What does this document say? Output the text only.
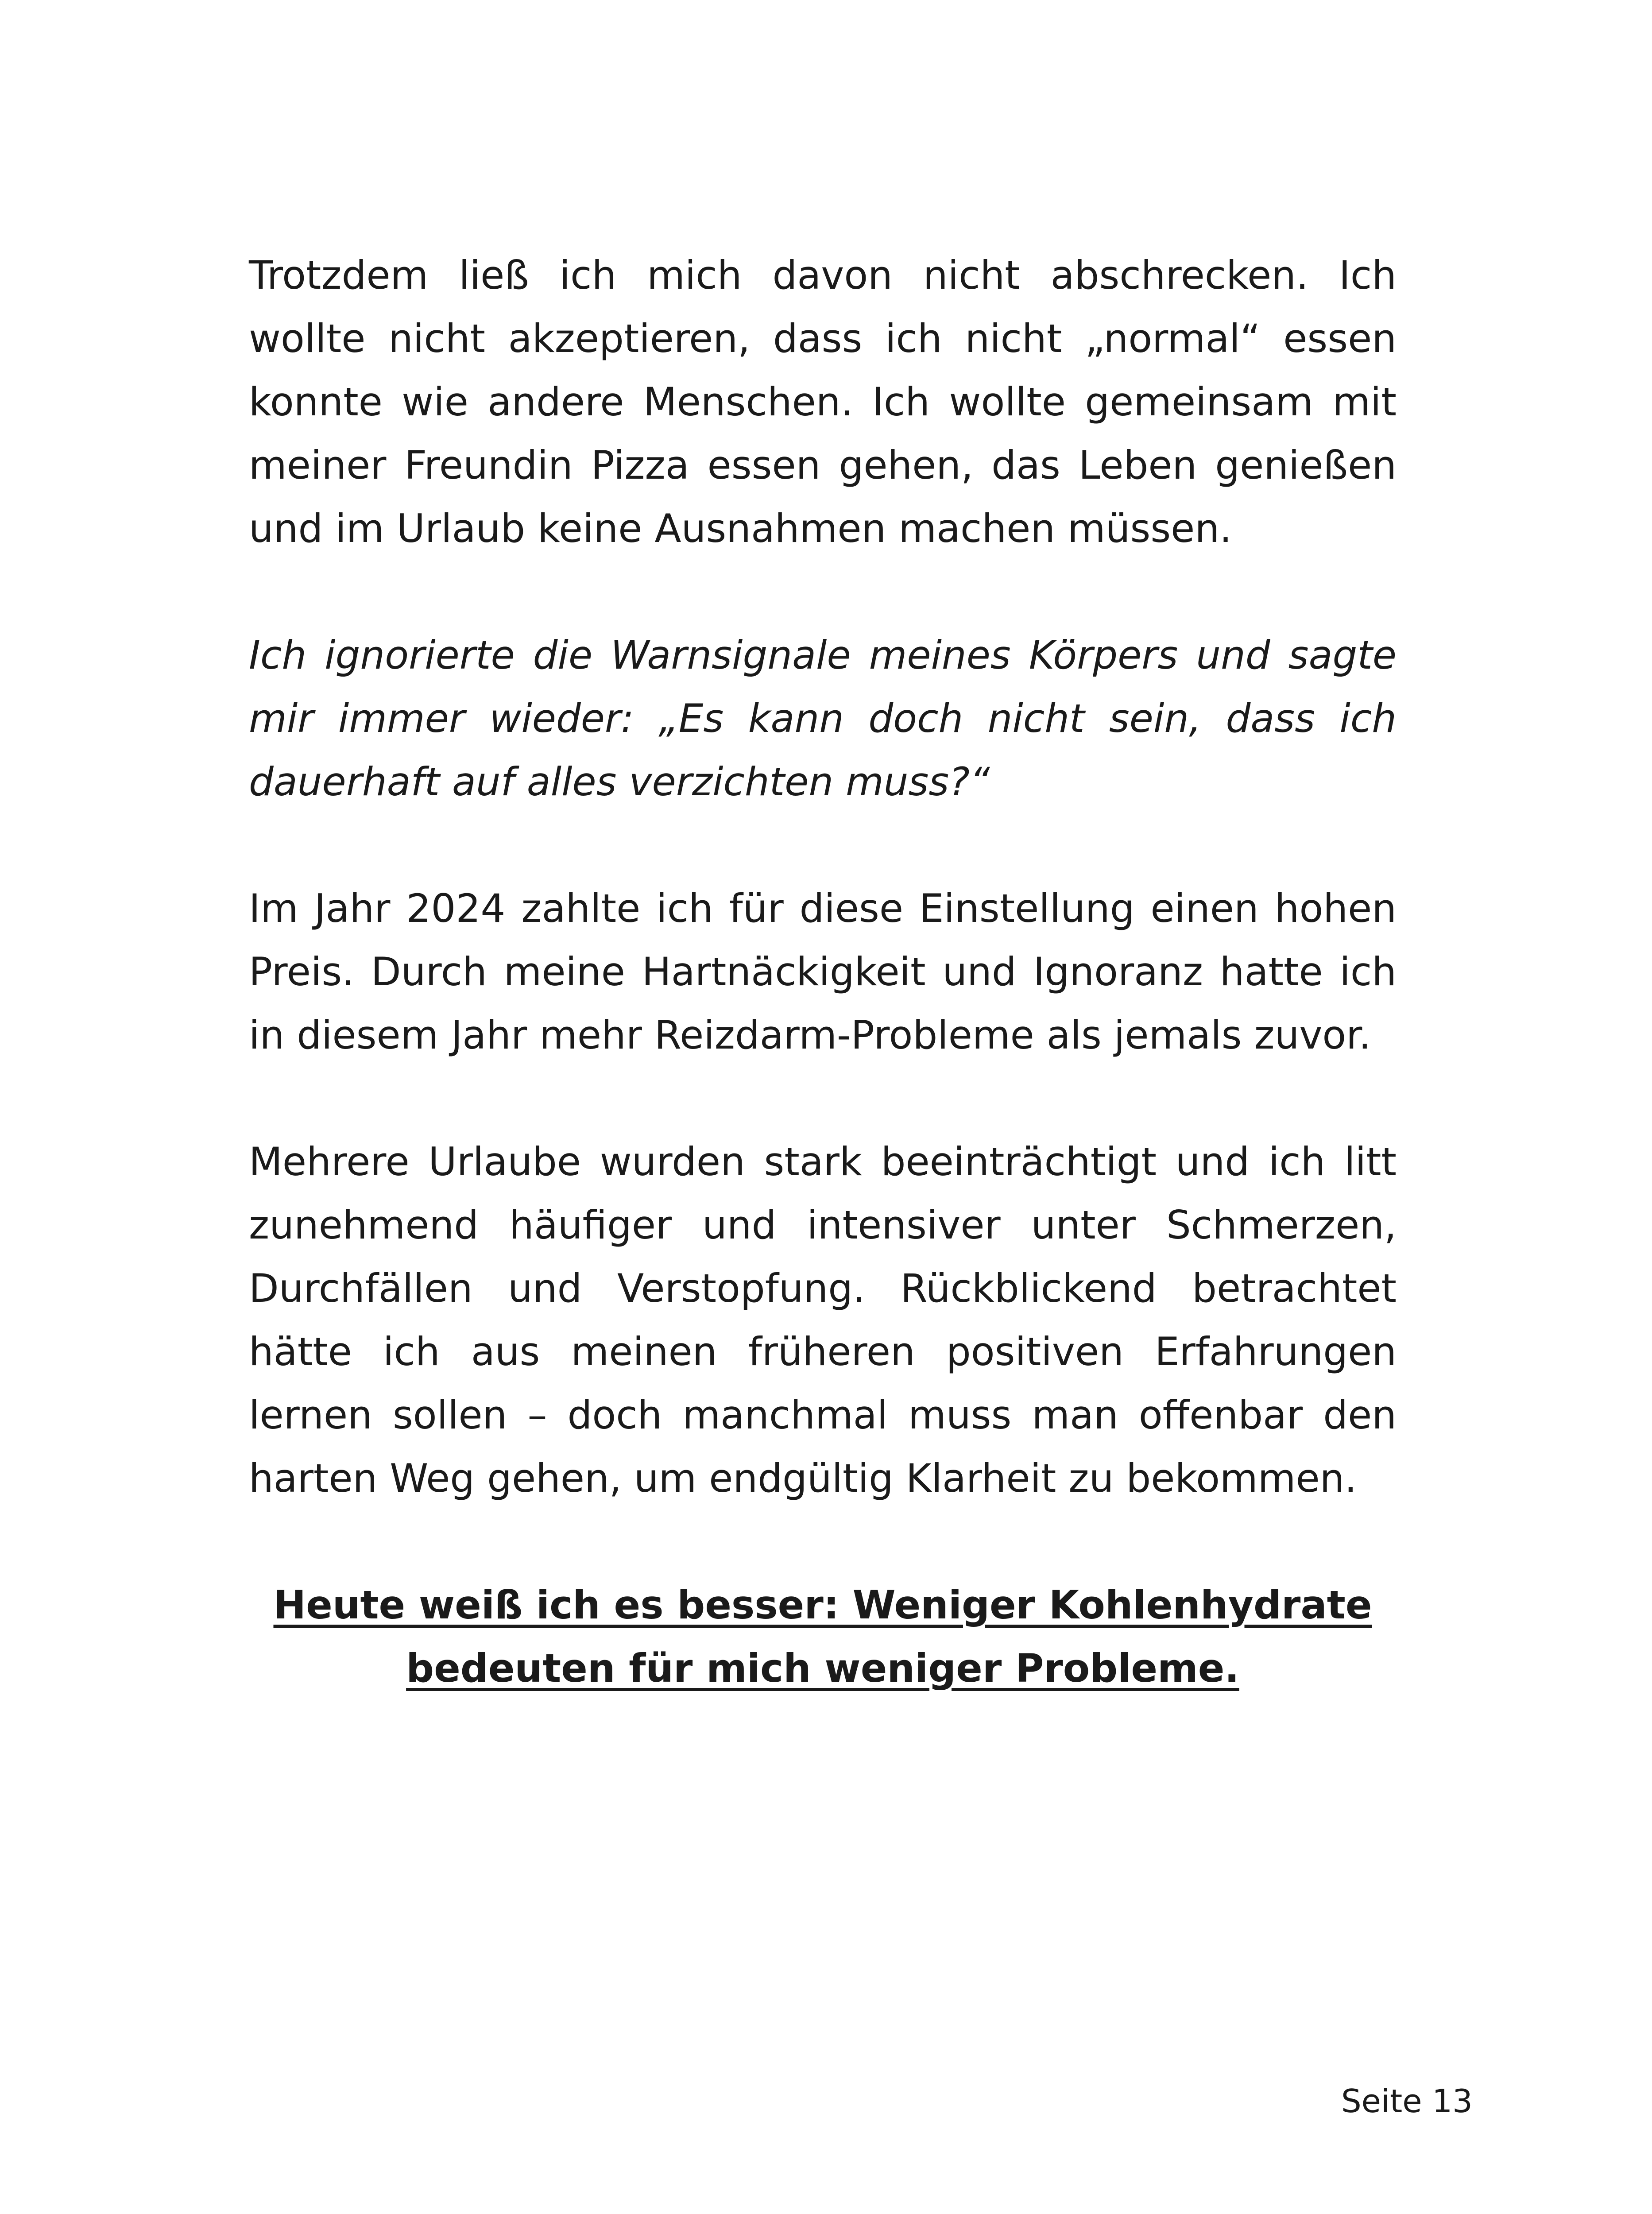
Trotzdem ließ ich mich davon nicht abschrecken. Ich wollte nicht akzeptieren, dass ich nicht „normal“ essen konnte wie andere Menschen. Ich wollte gemeinsam mit meiner Freundin Pizza essen gehen, das Leben genießen und im Urlaub keine Ausnahmen machen müssen.

Ich ignorierte die Warnsignale meines Körpers und sagte mir immer wieder: „Es kann doch nicht sein, dass ich dauerhaft auf alles verzichten muss?“

Im Jahr 2024 zahlte ich für diese Einstellung einen hohen Preis. Durch meine Hartnäckigkeit und Ignoranz hatte ich in diesem Jahr mehr Reizdarm-Probleme als jemals zuvor.

Mehrere Urlaube wurden stark beeinträchtigt und ich litt zunehmend häufiger und intensiver unter Schmerzen, Durchfällen und Verstopfung. Rückblickend betrachtet hätte ich aus meinen früheren positiven Erfahrungen lernen sollen – doch manchmal muss man offenbar den harten Weg gehen, um endgültig Klarheit zu bekommen.

Heute weiß ich es besser: Weniger Kohlenhydrate bedeuten für mich weniger Probleme.

Seite 13
